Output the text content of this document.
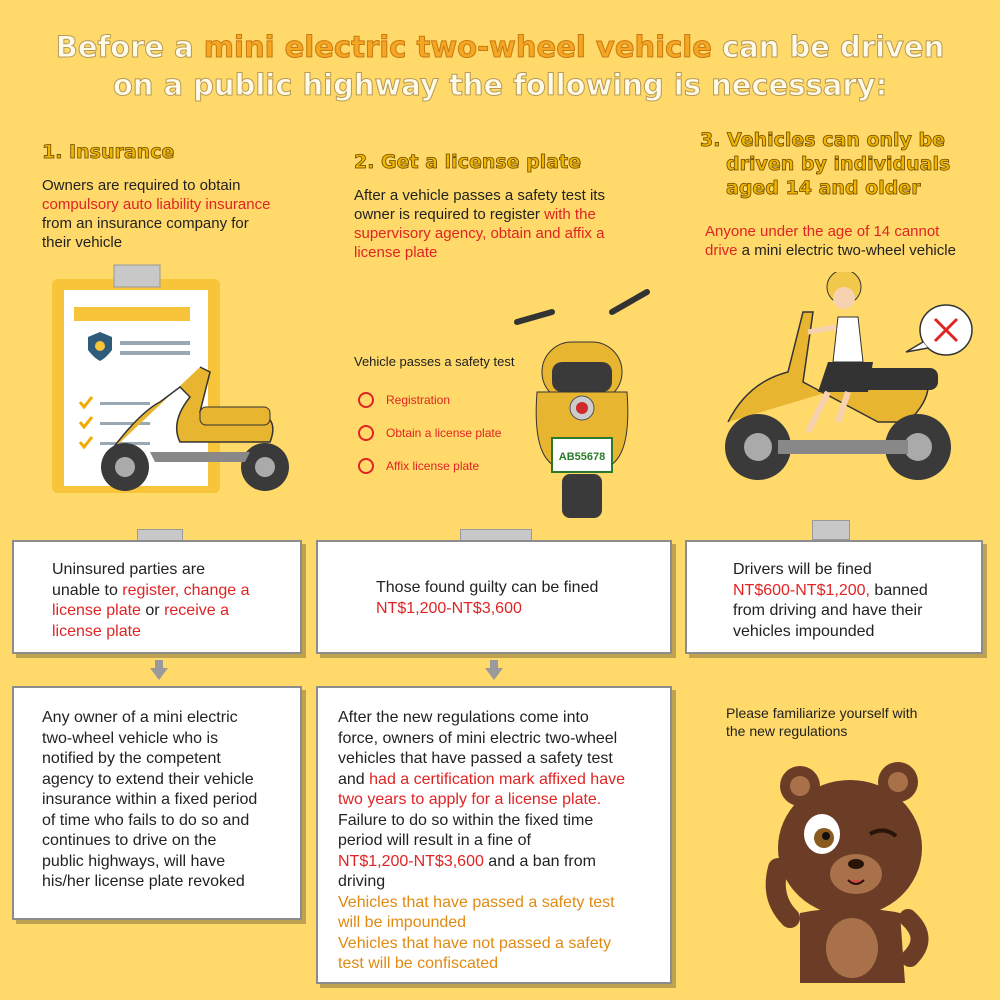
Before a mini electric two-wheel vehicle can be driven
on a public highway the following is necessary:
1. Insurance
Owners are required to obtain
compulsory auto liability insurance
from an insurance company for
their vehicle
Uninsured parties are
unable to register, change a
license plate or receive a
license plate
Any owner of a mini electric
two-wheel vehicle who is
notified by the competent
agency to extend their vehicle
insurance within a fixed period
of time who fails to do so and
continues to drive on the
public highways, will have
his/her license plate revoked
2. Get a license plate
After a vehicle passes a safety test its
owner is required to register with the
supervisory agency, obtain and affix a
license plate
Vehicle passes a safety test
Registration
Obtain a license plate
Affix license plate
AB55678
Those found guilty can be fined
NT$1,200-NT$3,600
After the new regulations come into
force, owners of mini electric two-wheel
vehicles that have passed a safety test
and had a certification mark affixed have
two years to apply for a license plate.
Failure to do so within the fixed time
period will result in a fine of
NT$1,200-NT$3,600 and a ban from
driving
Vehicles that have passed a safety test
will be impounded
Vehicles that have not passed a safety
test will be confiscated
3. Vehicles can only be
driven by individuals
aged 14 and older
Anyone under the age of 14 cannot
drive a mini electric two-wheel vehicle
Drivers will be fined
NT$600-NT$1,200, banned
from driving and have their
vehicles impounded
Please familiarize yourself with
the new regulations
